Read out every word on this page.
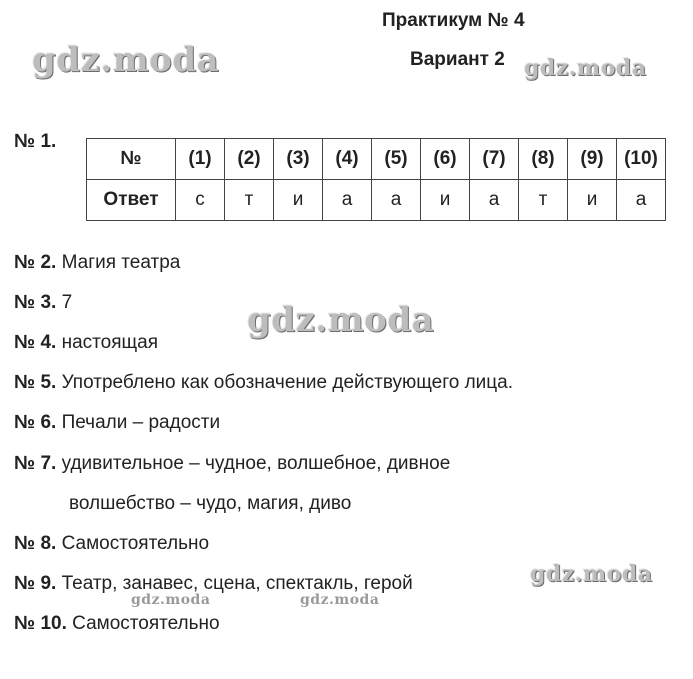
Практикум № 4
Вариант 2
gdz.moda	gdz.moda
gdz.moda
gdz.moda
gdz.moda	gdz.moda
№ 1.
№	(1)	(2)	(3)	(4)	(5)	(6)	(7)	(8)	(9)	(10)
Ответ	с	т	и	а	а	и	а	т	и	а
№ 2. Магия театра
№ 3. 7
№ 4. настоящая
№ 5. Употреблено как обозначение действующего лица.
№ 6. Печали – радости
№ 7. удивительное – чудное, волшебное, дивное
волшебство – чудо, магия, диво
№ 8. Самостоятельно
№ 9. Театр, занавес, сцена, спектакль, герой
№ 10. Самостоятельно
